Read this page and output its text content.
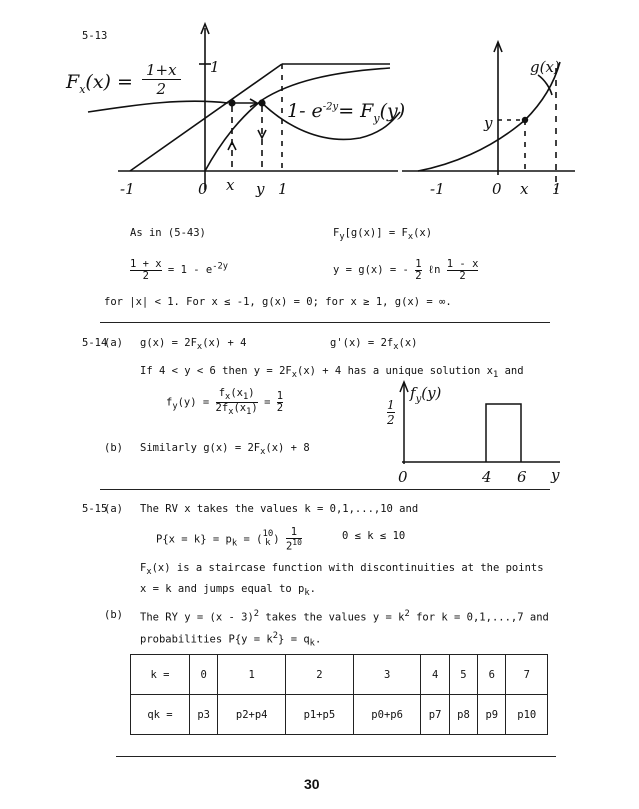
5-13
$F_x(x)$ =
1+x
2
1- $e^{-2y}= F_y(y)$
1
-1	0 x y 1
g(x)
y
-1	0 x 1
As in (5-43)	$F_y[g(x)] = F_x(x)$
$\frac{1 + x}{2} = 1 - e^{-2y}$	y = g(x) = - $\frac{1}{2}$ ℓn $\frac{1 - x}{2}$
for |x| < 1. For x ≤ -1, g(x) = 0; for x ≥ 1, g(x) = ∞.
5-14
(a) $g(x) = 2F_x(x) + 4$	$g'(x) = 2f_x(x)$
If 4 < y < 6 then $y = 2F_x(x) + 4$ has a unique solution $x_1$ and
$f_y(y) = \frac{f_x(x_1)}{2f_x(x_1)} = \frac{1}{2}$	$f_y(y)$
1
2
0	4 6 y
(b) Similarly $g(x) = 2F_x(x) + 8$
5-15
(a) The RV x takes the values k = 0,1,...,10 and
$P\{x = k\} = p_k$ = ( 10
k ) $\frac{1}{2^{10}}$	0 ≤ k ≤ 10
$F_x(x)$ is a staircase function with discontinuities at the points
x = k and jumps equal to $p_k$.
(b) The RY y = (x - 3)$^2$ takes the values $y = k^2$ for k = 0,1,...,7 and
probabilities $P\{y = k^2\} = q_k$.
k =	0	1	2	3	4	5	6	7
qk =	p3	p2+p4	p1+p5	p0+p6	p7	p8	p9	p10
30
